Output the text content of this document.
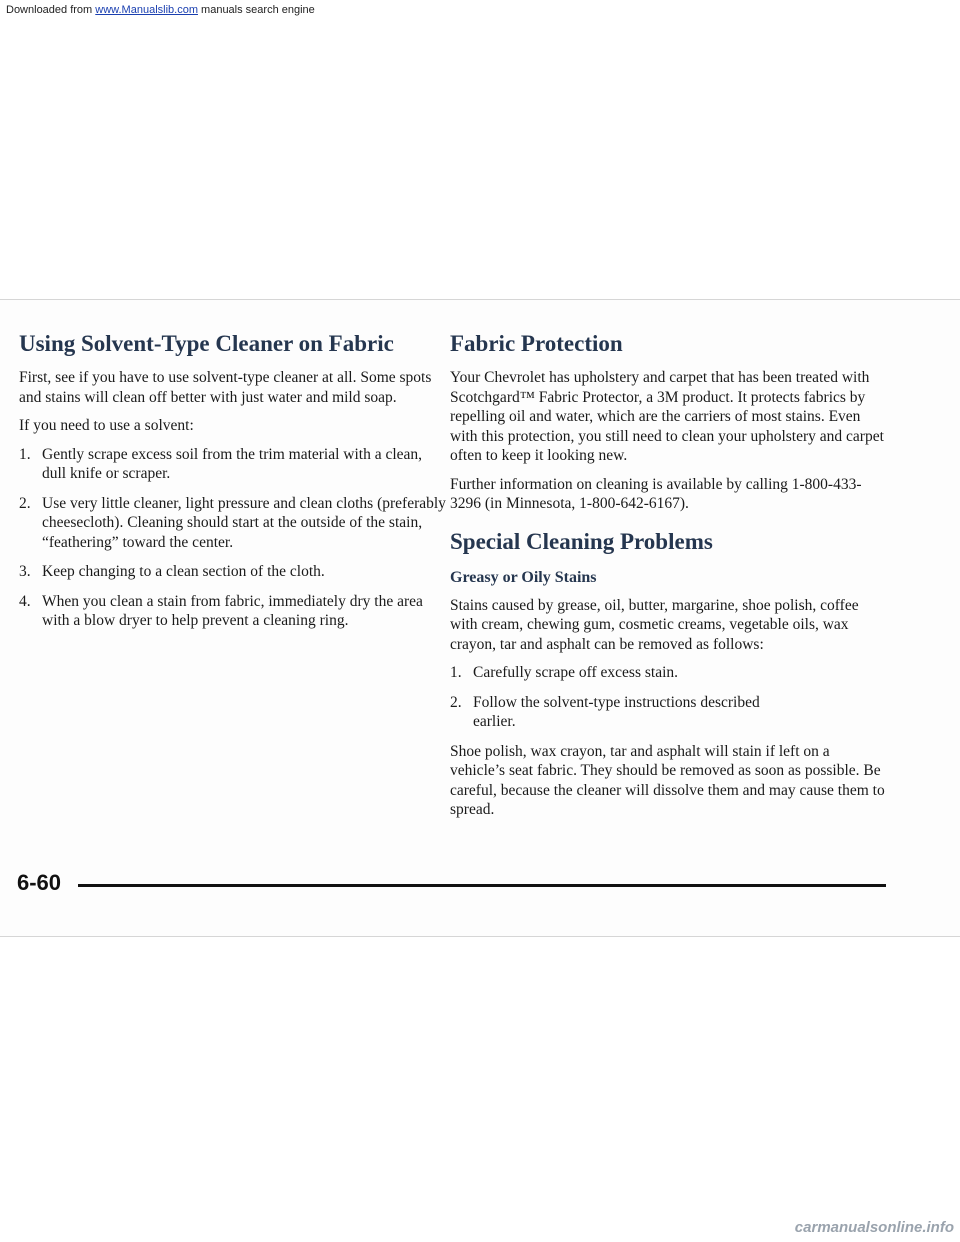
Downloaded from www.Manualslib.com manuals search engine
Using Solvent-Type Cleaner on Fabric

First, see if you have to use solvent-type cleaner at all. Some spots and stains will clean off better with just water and mild soap.

If you need to use a solvent:

1. Gently scrape excess soil from the trim material with a clean, dull knife or scraper.
2. Use very little cleaner, light pressure and clean cloths (preferably cheesecloth). Cleaning should start at the outside of the stain, “feathering” toward the center.
3. Keep changing to a clean section of the cloth.
4. When you clean a stain from fabric, immediately dry the area with a blow dryer to help prevent a cleaning ring.
Fabric Protection

Your Chevrolet has upholstery and carpet that has been treated with Scotchgard™ Fabric Protector, a 3M product. It protects fabrics by repelling oil and water, which are the carriers of most stains. Even with this protection, you still need to clean your upholstery and carpet often to keep it looking new.

Further information on cleaning is available by calling 1-800-433-3296 (in Minnesota, 1-800-642-6167).

Special Cleaning Problems
Greasy or Oily Stains

Stains caused by grease, oil, butter, margarine, shoe polish, coffee with cream, chewing gum, cosmetic creams, vegetable oils, wax crayon, tar and asphalt can be removed as follows:

1. Carefully scrape off excess stain.
2. Follow the solvent-type instructions described earlier.

Shoe polish, wax crayon, tar and asphalt will stain if left on a vehicle’s seat fabric. They should be removed as soon as possible. Be careful, because the cleaner will dissolve them and may cause them to spread.

6-60
carmanualsonline.info
